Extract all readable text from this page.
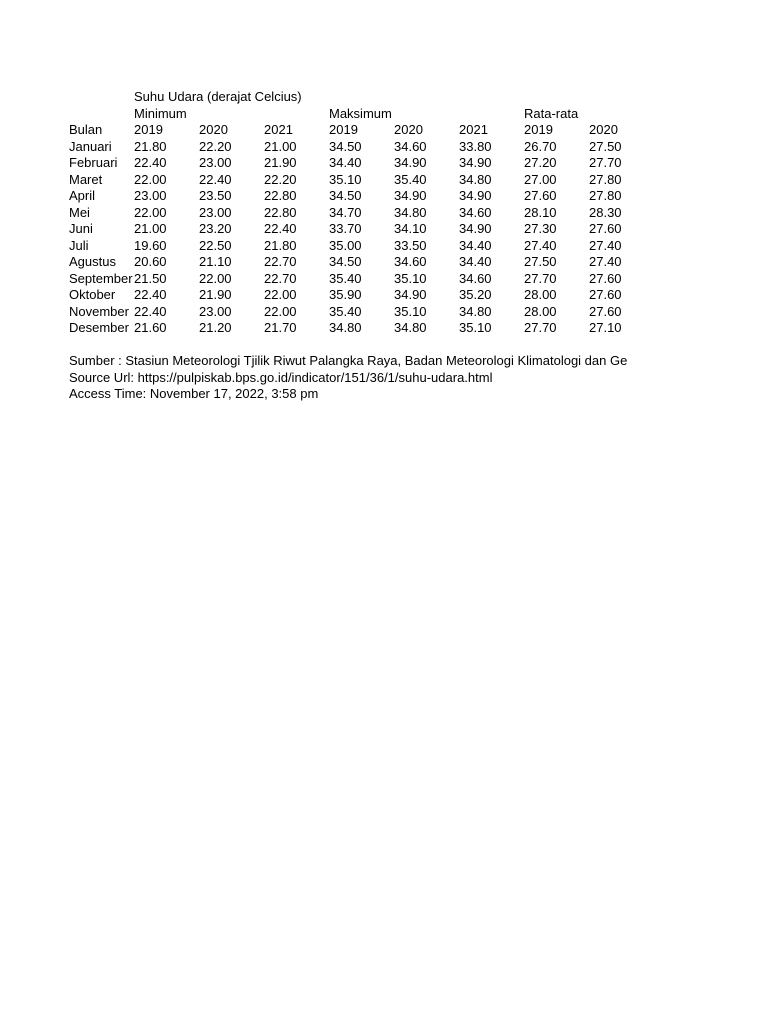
Suhu Udara (derajat Celcius)
Minimum	Maksimum	Rata-rata
Bulan	2019	2020	2021	2019	2020	2021	2019	2020
Januari	21.80	22.20	21.00	34.50	34.60	33.80	26.70	27.50
Februari	22.40	23.00	21.90	34.40	34.90	34.90	27.20	27.70
Maret	22.00	22.40	22.20	35.10	35.40	34.80	27.00	27.80
April	23.00	23.50	22.80	34.50	34.90	34.90	27.60	27.80
Mei	22.00	23.00	22.80	34.70	34.80	34.60	28.10	28.30
Juni	21.00	23.20	22.40	33.70	34.10	34.90	27.30	27.60
Juli	19.60	22.50	21.80	35.00	33.50	34.40	27.40	27.40
Agustus	20.60	21.10	22.70	34.50	34.60	34.40	27.50	27.40
September 21.50	22.00	22.70	35.40	35.10	34.60	27.70	27.60
Oktober	22.40	21.90	22.00	35.90	34.90	35.20	28.00	27.60
November 22.40	23.00	22.00	35.40	35.10	34.80	28.00	27.60
Desember 21.60	21.20	21.70	34.80	34.80	35.10	27.70	27.10
Sumber : Stasiun Meteorologi Tjilik Riwut Palangka Raya, Badan Meteorologi Klimatologi dan Ge
Source Url: https://pulpiskab.bps.go.id/indicator/151/36/1/suhu-udara.html
Access Time: November 17, 2022, 3:58 pm
